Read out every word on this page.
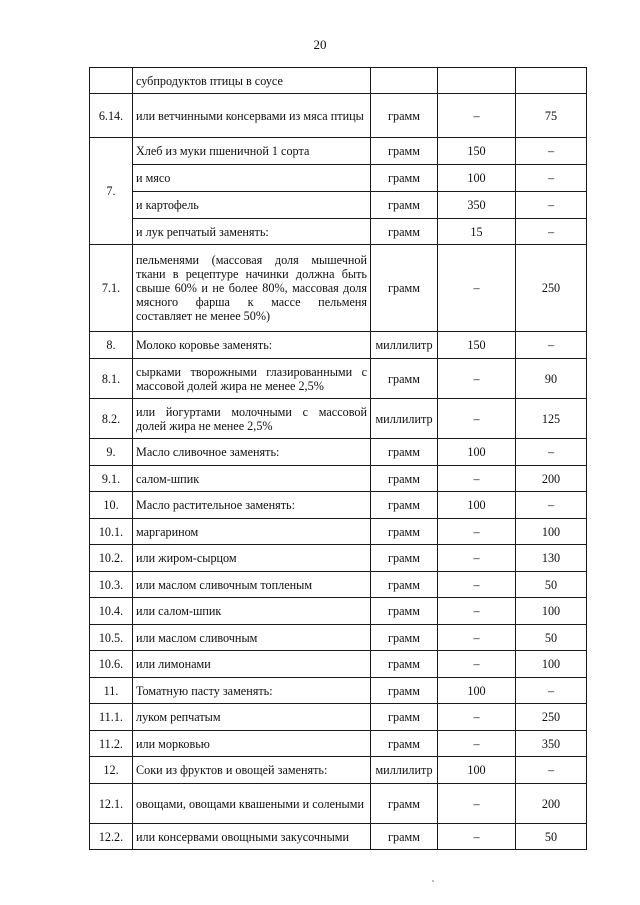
20
	субпродуктов птицы в соусе			
6.14.	или ветчинными консервами из мяса птицы	грамм	–	75
7.	Хлеб из муки пшеничной 1 сорта	грамм	150	–
	и мясо	грамм	100	–
	и картофель	грамм	350	–
	и лук репчатый заменять:	грамм	15	–
7.1.	пельменями (массовая доля мышечной ткани в рецептуре начинки должна быть свыше 60% и не более 80%, массовая доля мясного фарша к массе пельменя составляет не менее 50%)	грамм	–	250
8.	Молоко коровье заменять:	миллилитр	150	–
8.1.	сырками творожными глазированными с массовой долей жира не менее 2,5%	грамм	–	90
8.2.	или йогуртами молочными с массовой долей жира не менее 2,5%	миллилитр	–	125
9.	Масло сливочное заменять:	грамм	100	–
9.1.	салом-шпик	грамм	–	200
10.	Масло растительное заменять:	грамм	100	–
10.1.	маргарином	грамм	–	100
10.2.	или жиром-сырцом	грамм	–	130
10.3.	или маслом сливочным топленым	грамм	–	50
10.4.	или салом-шпик	грамм	–	100
10.5.	или маслом сливочным	грамм	–	50
10.6.	или лимонами	грамм	–	100
11.	Томатную пасту заменять:	грамм	100	–
11.1.	луком репчатым	грамм	–	250
11.2.	или морковью	грамм	–	350
12.	Соки из фруктов и овощей заменять:	миллилитр	100	–
12.1.	овощами, овощами квашеными и солеными	грамм	–	200
12.2.	или консервами овощными закусочными	грамм	–	50
